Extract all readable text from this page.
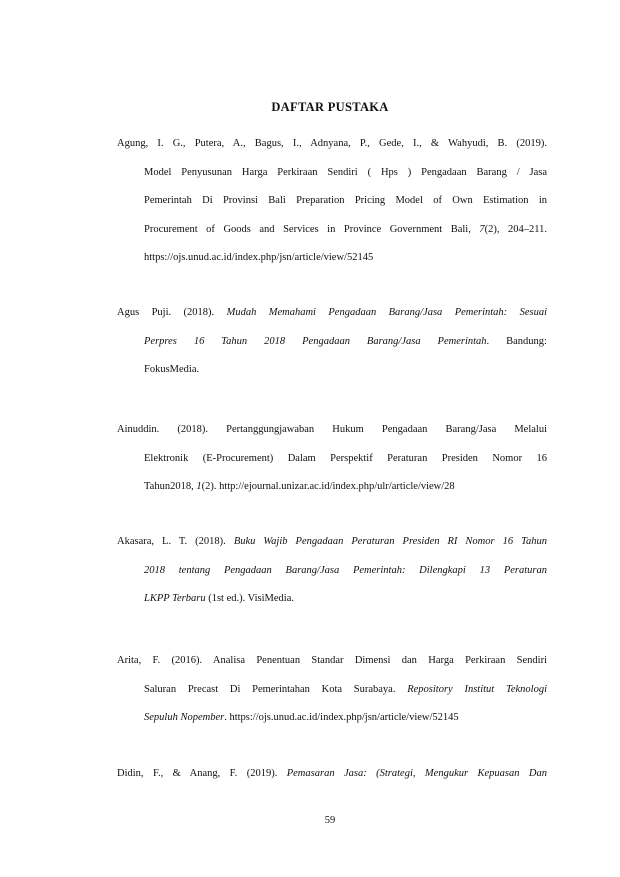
DAFTAR PUSTAKA
Agung, I. G., Putera, A., Bagus, I., Adnyana, P., Gede, I., & Wahyudi, B. (2019).
Model Penyusunan Harga Perkiraan Sendiri ( Hps ) Pengadaan Barang / Jasa
Pemerintah Di Provinsi Bali Preparation Pricing Model of Own Estimation in
Procurement of Goods and Services in Province Government Bali, 7(2), 204–211.
https://ojs.unud.ac.id/index.php/jsn/article/view/52145
Agus Puji. (2018). Mudah Memahami Pengadaan Barang/Jasa Pemerintah: Sesuai
Perpres 16 Tahun 2018 Pengadaan Barang/Jasa Pemerintah. Bandung:
FokusMedia.
Ainuddin. (2018). Pertanggungjawaban Hukum Pengadaan Barang/Jasa Melalui
Elektronik (E-Procurement) Dalam Perspektif Peraturan Presiden Nomor 16
Tahun2018, 1(2). http://ejournal.unizar.ac.id/index.php/ulr/article/view/28
Akasara, L. T. (2018). Buku Wajib Pengadaan Peraturan Presiden RI Nomor 16 Tahun
2018 tentang Pengadaan Barang/Jasa Pemerintah: Dilengkapi 13 Peraturan
LKPP Terbaru (1st ed.). VisiMedia.
Arita, F. (2016). Analisa Penentuan Standar Dimensi dan Harga Perkiraan Sendiri
Saluran Precast Di Pemerintahan Kota Surabaya. Repository Institut Teknologi
Sepuluh Nopember. https://ojs.unud.ac.id/index.php/jsn/article/view/52145
Didin, F., & Anang, F. (2019). Pemasaran Jasa: (Strategi, Mengukur Kepuasan Dan
59
